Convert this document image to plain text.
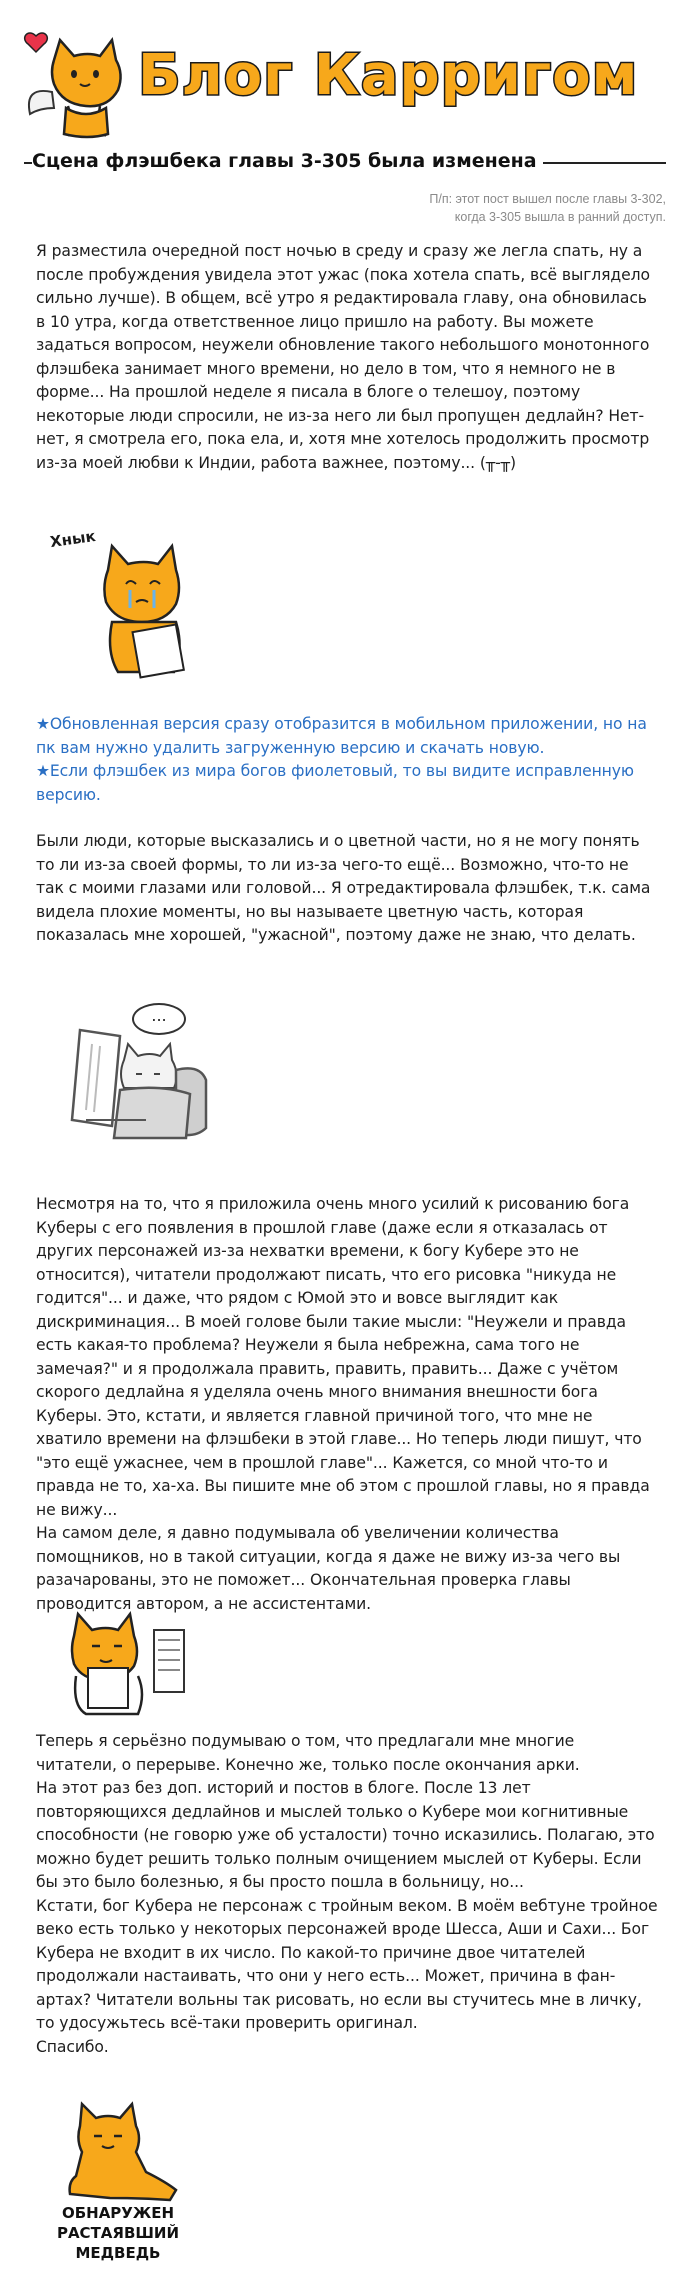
Блог Карригом
Сцена флэшбека главы 3-305 была изменена
П/п: этот пост вышел после главы 3-302,
когда 3-305 вышла в ранний доступ.

Я разместила очередной пост ночью в среду и сразу же легла спать, ну а после пробуждения увидела этот ужас (пока хотела спать, всё выглядело сильно лучше). В общем, всё утро я редактировала главу, она обновилась в 10 утра, когда ответственное лицо пришло на работу. Вы можете задаться вопросом, неужели обновление такого небольшого монотонного флэшбека занимает много времени, но дело в том, что я немного не в форме... На прошлой неделе я писала в блоге о телешоу, поэтому некоторые люди спросили, не из-за него ли был пропущен дедлайн? Нет-нет, я смотрела его, пока ела, и, хотя мне хотелось продолжить просмотр из-за моей любви к Индии, работа важнее, поэтому... (╥-╥)

Хнык

★Обновленная версия сразу отобразится в мобильном приложении, но на пк вам нужно удалить загруженную версию и скачать новую.

★Если флэшбек из мира богов фиолетовый, то вы видите исправленную версию.

Были люди, которые высказались и о цветной части, но я не могу понять то ли из-за своей формы, то ли из-за чего-то ещё... Возможно, что-то не так с моими глазами или головой... Я отредактировала флэшбек, т.к. сама видела плохие моменты, но вы называете цветную часть, которая показалась мне хорошей, "ужасной", поэтому даже не знаю, что делать.

...

Несмотря на то, что я приложила очень много усилий к рисованию бога Куберы с его появления в прошлой главе (даже если я отказалась от других персонажей из-за нехватки времени, к богу Кубере это не относится), читатели продолжают писать, что его рисовка "никуда не годится"... и даже, что рядом с Юмой это и вовсе выглядит как дискриминация... В моей голове были такие мысли: "Неужели и правда есть какая-то проблема? Неужели я была небрежна, сама того не замечая?" и я продолжала править, править, править... Даже с учётом скорого дедлайна я уделяла очень много внимания внешности бога Куберы. Это, кстати, и является главной причиной того, что мне не хватило времени на флэшбеки в этой главе... Но теперь люди пишут, что "это ещё ужаснее, чем в прошлой главе"... Кажется, со мной что-то и правда не то, ха-ха. Вы пишите мне об этом с прошлой главы, но я правда не вижу...

На самом деле, я давно подумывала об увеличении количества помощников, но в такой ситуации, когда я даже не вижу из-за чего вы разачарованы, это не поможет... Окончательная проверка главы проводится автором, а не ассистентами.

Теперь я серьёзно подумываю о том, что предлагали мне многие читатели, о перерыве. Конечно же, только после окончания арки.

На этот раз без доп. историй и постов в блоге. После 13 лет повторяющихся дедлайнов и мыслей только о Кубере мои когнитивные способности (не говорю уже об усталости) точно исказились. Полагаю, это можно будет решить только полным очищением мыслей от Куберы. Если бы это было болезнью, я бы просто пошла в больницу, но...

Кстати, бог Кубера не персонаж с тройным веком. В моём вебтуне тройное веко есть только у некоторых персонажей вроде Шесса, Аши и Сахи... Бог Кубера не входит в их число. По какой-то причине двое читателей продолжали настаивать, что они у него есть... Может, причина в фан-артах? Читатели вольны так рисовать, но если вы стучитесь мне в личку, то удосужьтесь всё-таки проверить оригинал.

Спасибо.

ОБНАРУЖЕН РАСТАЯВШИЙ МЕДВЕДЬ
